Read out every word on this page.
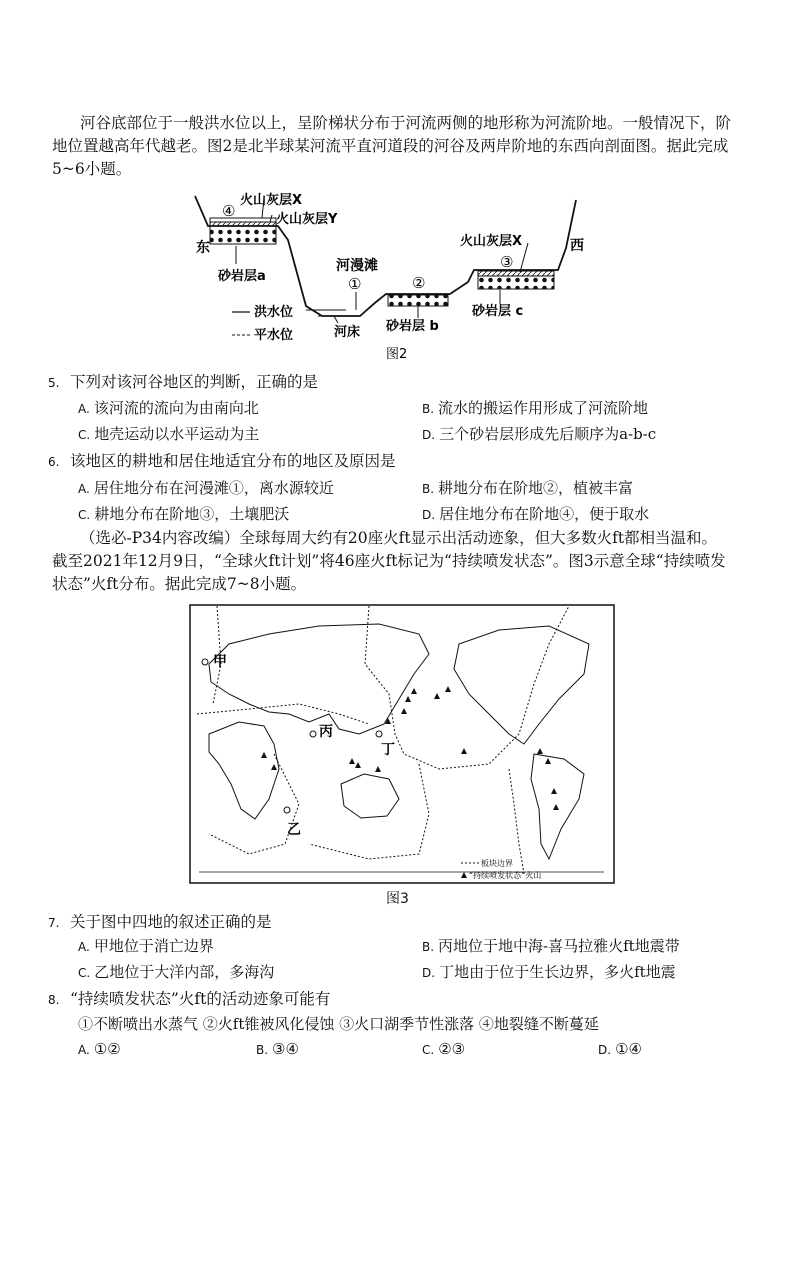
河谷底部位于一般洪水位以上，呈阶梯状分布于河流两侧的地形称为河流阶地。一般情况下，阶地位置越高年代越老。图2是北半球某河流平直河道段的河谷及两岸阶地的东西向剖面图。据此完成5~6小题。

火山灰层X
火山灰层Y
④
东
砂岩层a
河漫滩
①	②
火山灰层X
③
西
砂岩层 c
砂岩层 b
河床
洪水位
平水位
图2
5. 下列对该河谷地区的判断，正确的是
A. 该河流的流向为由南向北	B. 流水的搬运作用形成了河流阶地
C. 地壳运动以水平运动为主	D. 三个砂岩层形成先后顺序为a-b-c
6. 该地区的耕地和居住地适宜分布的地区及原因是
A. 居住地分布在河漫滩①，离水源较近	B. 耕地分布在阶地②，植被丰富
C. 耕地分布在阶地③，土壤肥沃	D. 居住地分布在阶地④，便于取水

（选必-P34内容改编）全球每周大约有20座火ft显示出活动迹象，但大多数火ft都相当温和。截至2021年12月9日，“全球火ft计划”将46座火ft标记为“持续喷发状态”。图3示意全球“持续喷发状态”火ft分布。据此完成7~8小题。

甲
丙
丁
乙
板块边界
“持续喷发状态”火山
图3
7. 关于图中四地的叙述正确的是
A. 甲地位于消亡边界	B. 丙地位于地中海-喜马拉雅火ft地震带
C. 乙地位于大洋内部，多海沟	D. 丁地由于位于生长边界，多火ft地震
8. “持续喷发状态”火ft的活动迹象可能有
①不断喷出水蒸气 ②火ft锥被风化侵蚀 ③火口湖季节性涨落 ④地裂缝不断蔓延
A. ①②	B. ③④	C. ②③	D. ①④
